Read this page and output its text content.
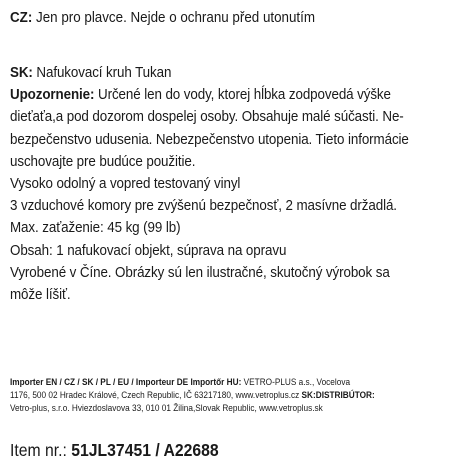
CZ: Jen pro plavce. Nejde o ochranu před utonutím
SK: Nafukovací kruh Tukan
Upozornenie: Určené len do vody, ktorej hĺbka zodpovedá výške
dieťaťa,a pod dozorom dospelej osoby. Obsahuje malé súčasti. Ne-
bezpečenstvo udusenia. Nebezpečenstvo utopenia. Tieto informácie
uschovajte pre budúce použitie.
Vysoko odolný a vopred testovaný vinyl
3 vzduchové komory pre zvýšenú bezpečnosť, 2 masívne držadlá.
Max. zaťaženie: 45 kg (99 lb)
Obsah: 1 nafukovací objekt, súprava na opravu
Vyrobené v Číne. Obrázky sú len ilustračné, skutočný výrobok sa
môže líšiť.
Importer EN / CZ / SK / PL / EU / Importeur DE Importőr HU: VETRO-PLUS a.s., Vocelova
1176, 500 02 Hradec Králové, Czech Republic, IČ 63217180, www.vetroplus.cz SK:DISTRIBÚTOR:
Vetro-plus, s.r.o. Hviezdoslavova 33, 010 01 Žilina,Slovak Republic, www.vetroplus.sk
Item nr.: 51JL37451 / A22688
